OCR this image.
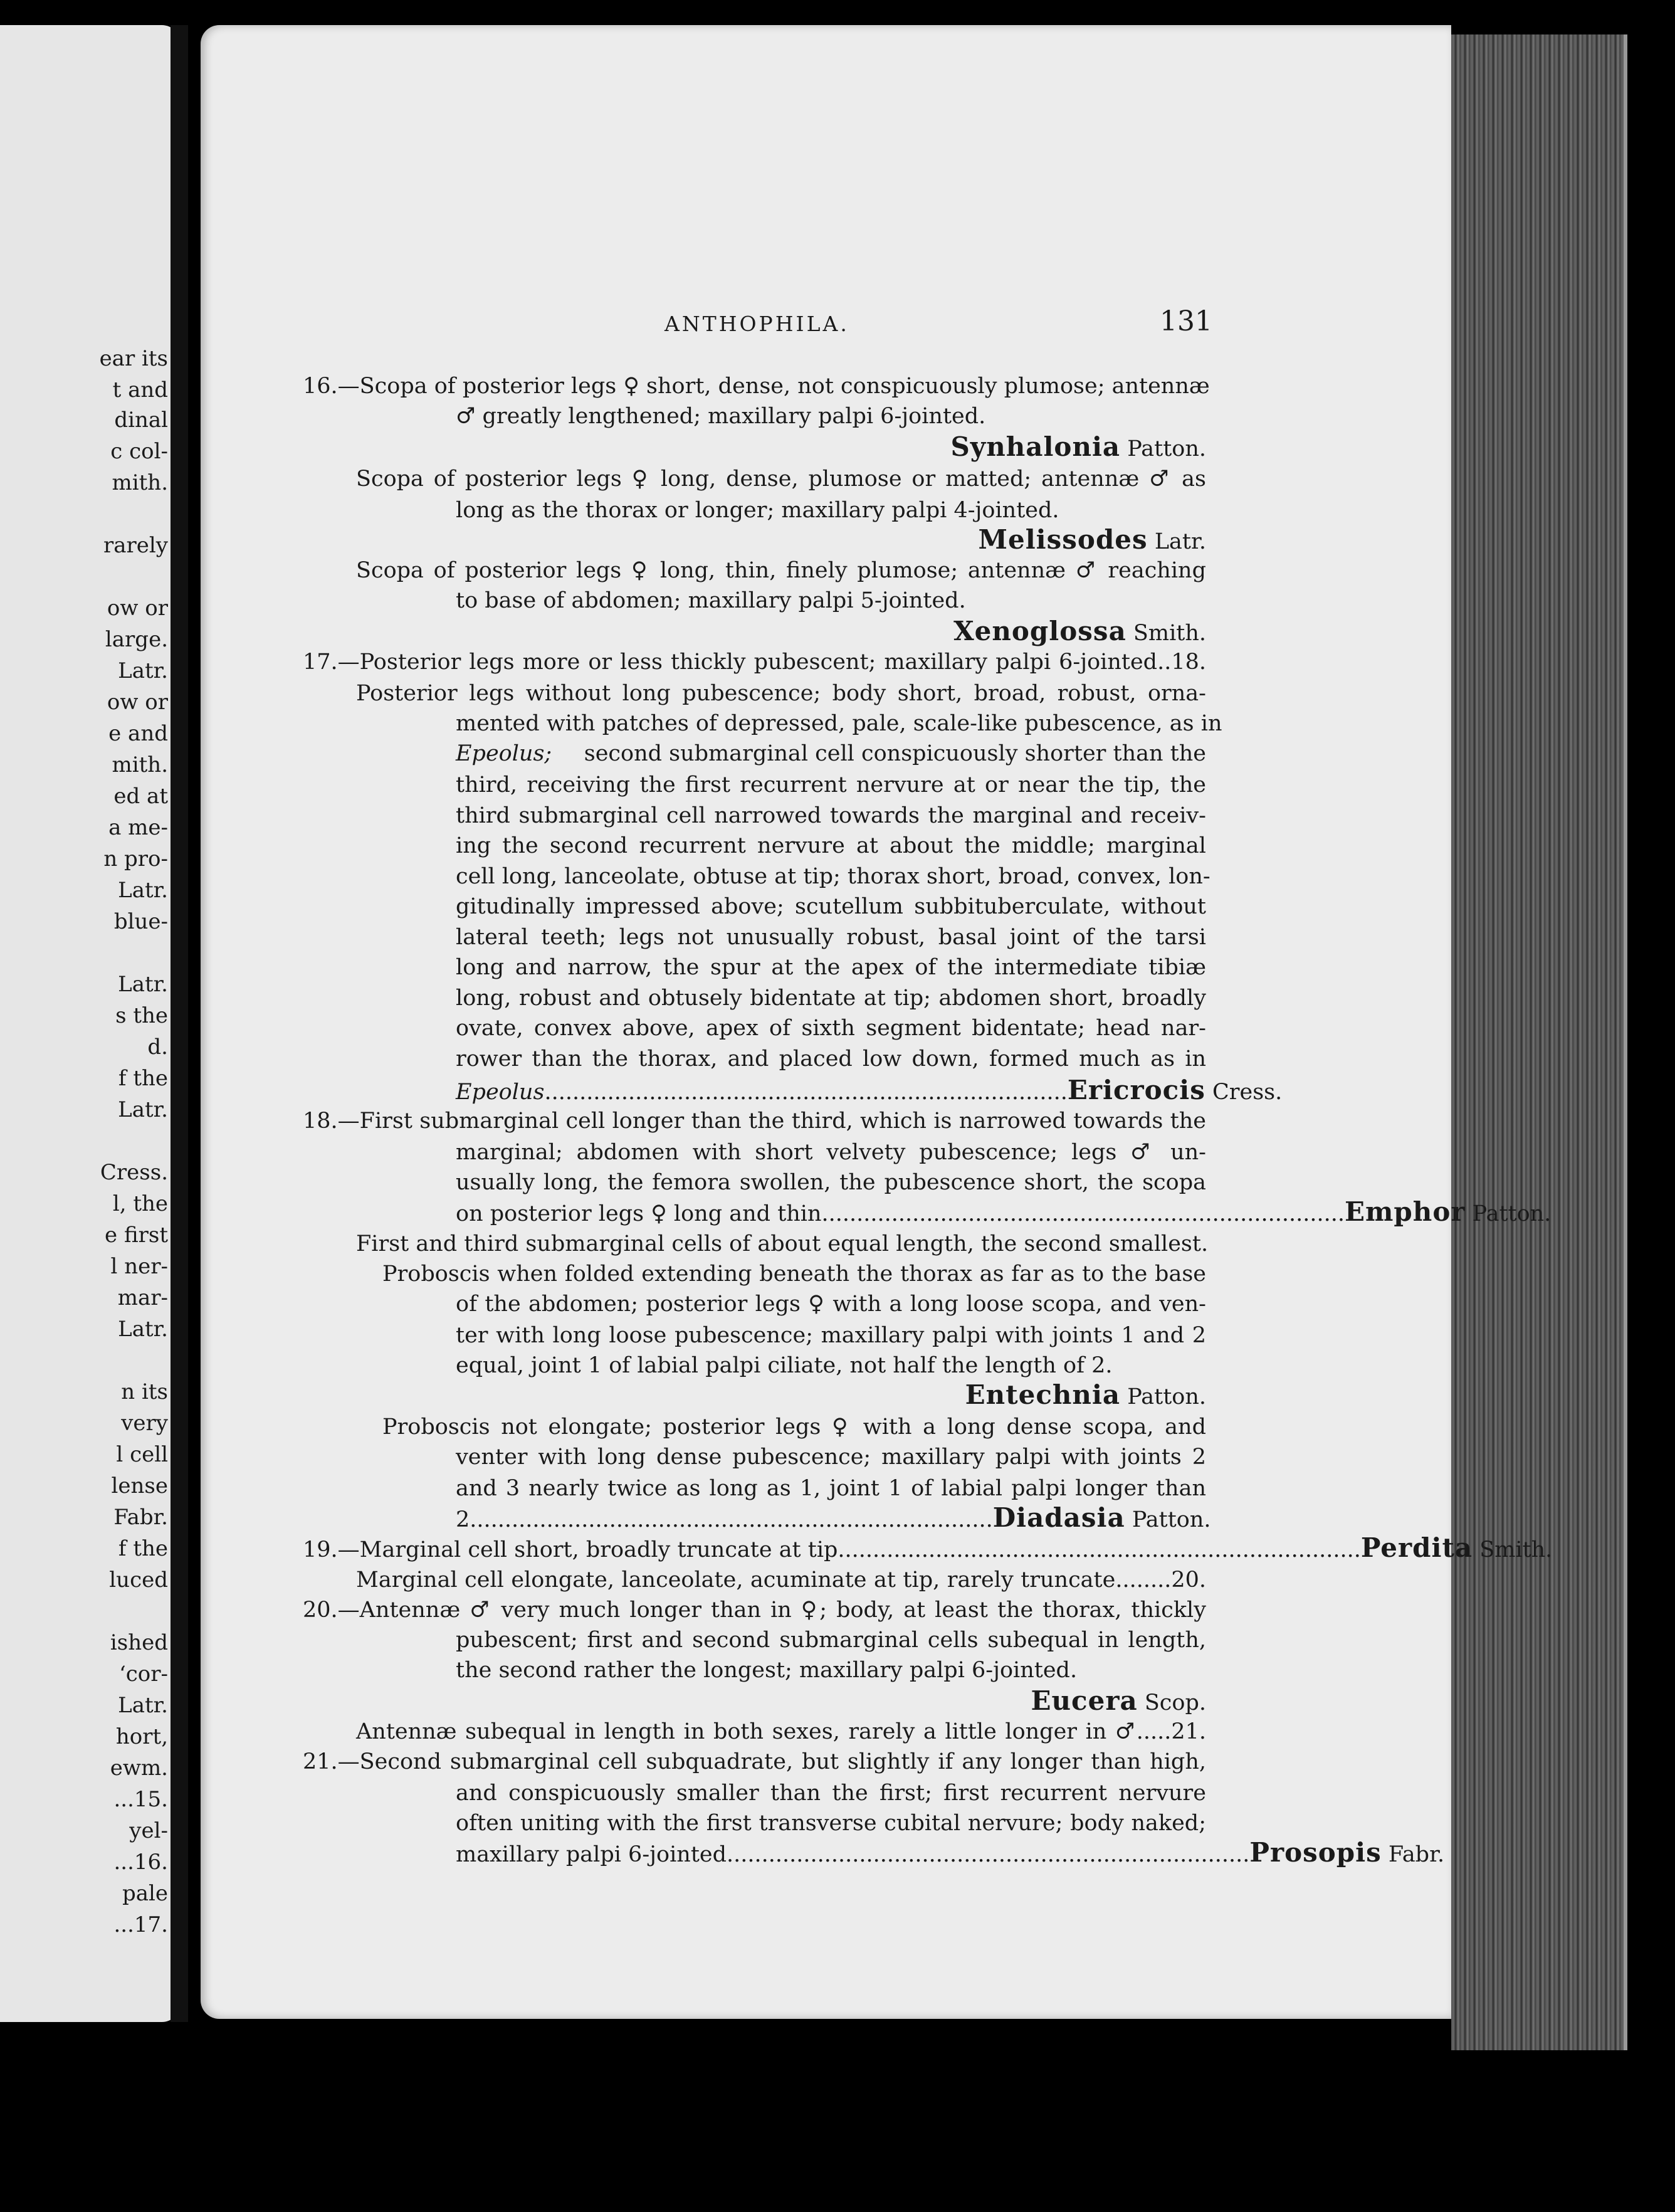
ear its
t and
dinal
c col-
mith.
rarely
ow or
large.
Latr.
ow or
e and
mith.
ed at
a me-
n pro-
Latr.
blue-
Latr.
s the
d.
f the
Latr.
Cress.
l, the
e first
l ner-
mar-
Latr.
n its
very
l cell
lense
Fabr.
f the
luced
ished
‘cor-
Latr.
hort,
ewm.
...15.
yel-
...16.
pale
...17.
ANTHOPHILA.	131
16.—Scopa of posterior legs ♀ short, dense, not conspicuously plumose; antennæ
♂ greatly lengthened; maxillary palpi 6-jointed.
Synhalonia Patton.
Scopa of posterior legs ♀ long, dense, plumose or matted; antennæ ♂ as
long as the thorax or longer; maxillary palpi 4-jointed.
Melissodes Latr.
Scopa of posterior legs ♀ long, thin, finely plumose; antennæ ♂ reaching
to base of abdomen; maxillary palpi 5-jointed.
Xenoglossa Smith.
17.—Posterior legs more or less thickly pubescent; maxillary palpi 6-jointed..18.
Posterior legs without long pubescence; body short, broad, robust, orna-
mented with patches of depressed, pale, scale-like pubescence, as in
Epeolus; second submarginal cell conspicuously shorter than the
third, receiving the first recurrent nervure at or near the tip, the
third submarginal cell narrowed towards the marginal and receiv-
ing the second recurrent nervure at about the middle; marginal
cell long, lanceolate, obtuse at tip; thorax short, broad, convex, lon-
gitudinally impressed above; scutellum subbituberculate, without
lateral teeth; legs not unusually robust, basal joint of the tarsi
long and narrow, the spur at the apex of the intermediate tibiæ
long, robust and obtusely bidentate at tip; abdomen short, broadly
ovate, convex above, apex of sixth segment bidentate; head nar-
rower than the thorax, and placed low down, formed much as in
Epeolus ........................................................................... Ericrocis Cress.
18.—First submarginal cell longer than the third, which is narrowed towards the
marginal; abdomen with short velvety pubescence; legs ♂ un-
usually long, the femora swollen, the pubescence short, the scopa
on posterior legs ♀ long and thin ........................................................................... Emphor Patton.
First and third submarginal cells of about equal length, the second smallest.
Proboscis when folded extending beneath the thorax as far as to the base
of the abdomen; posterior legs ♀ with a long loose scopa, and ven-
ter with long loose pubescence; maxillary palpi with joints 1 and 2
equal, joint 1 of labial palpi ciliate, not half the length of 2.
Entechnia Patton.
Proboscis not elongate; posterior legs ♀ with a long dense scopa, and
venter with long dense pubescence; maxillary palpi with joints 2
and 3 nearly twice as long as 1, joint 1 of labial palpi longer than
2 ........................................................................... Diadasia Patton.
19.—Marginal cell short, broadly truncate at tip ........................................................................... Perdita Smith.
Marginal cell elongate, lanceolate, acuminate at tip, rarely truncate........20.
20.—Antennæ ♂ very much longer than in ♀; body, at least the thorax, thickly
pubescent; first and second submarginal cells subequal in length,
the second rather the longest; maxillary palpi 6-jointed.
Eucera Scop.
Antennæ subequal in length in both sexes, rarely a little longer in ♂.....21.
21.—Second submarginal cell subquadrate, but slightly if any longer than high,
and conspicuously smaller than the first; first recurrent nervure
often uniting with the first transverse cubital nervure; body naked;
maxillary palpi 6-jointed ........................................................................... Prosopis Fabr.
